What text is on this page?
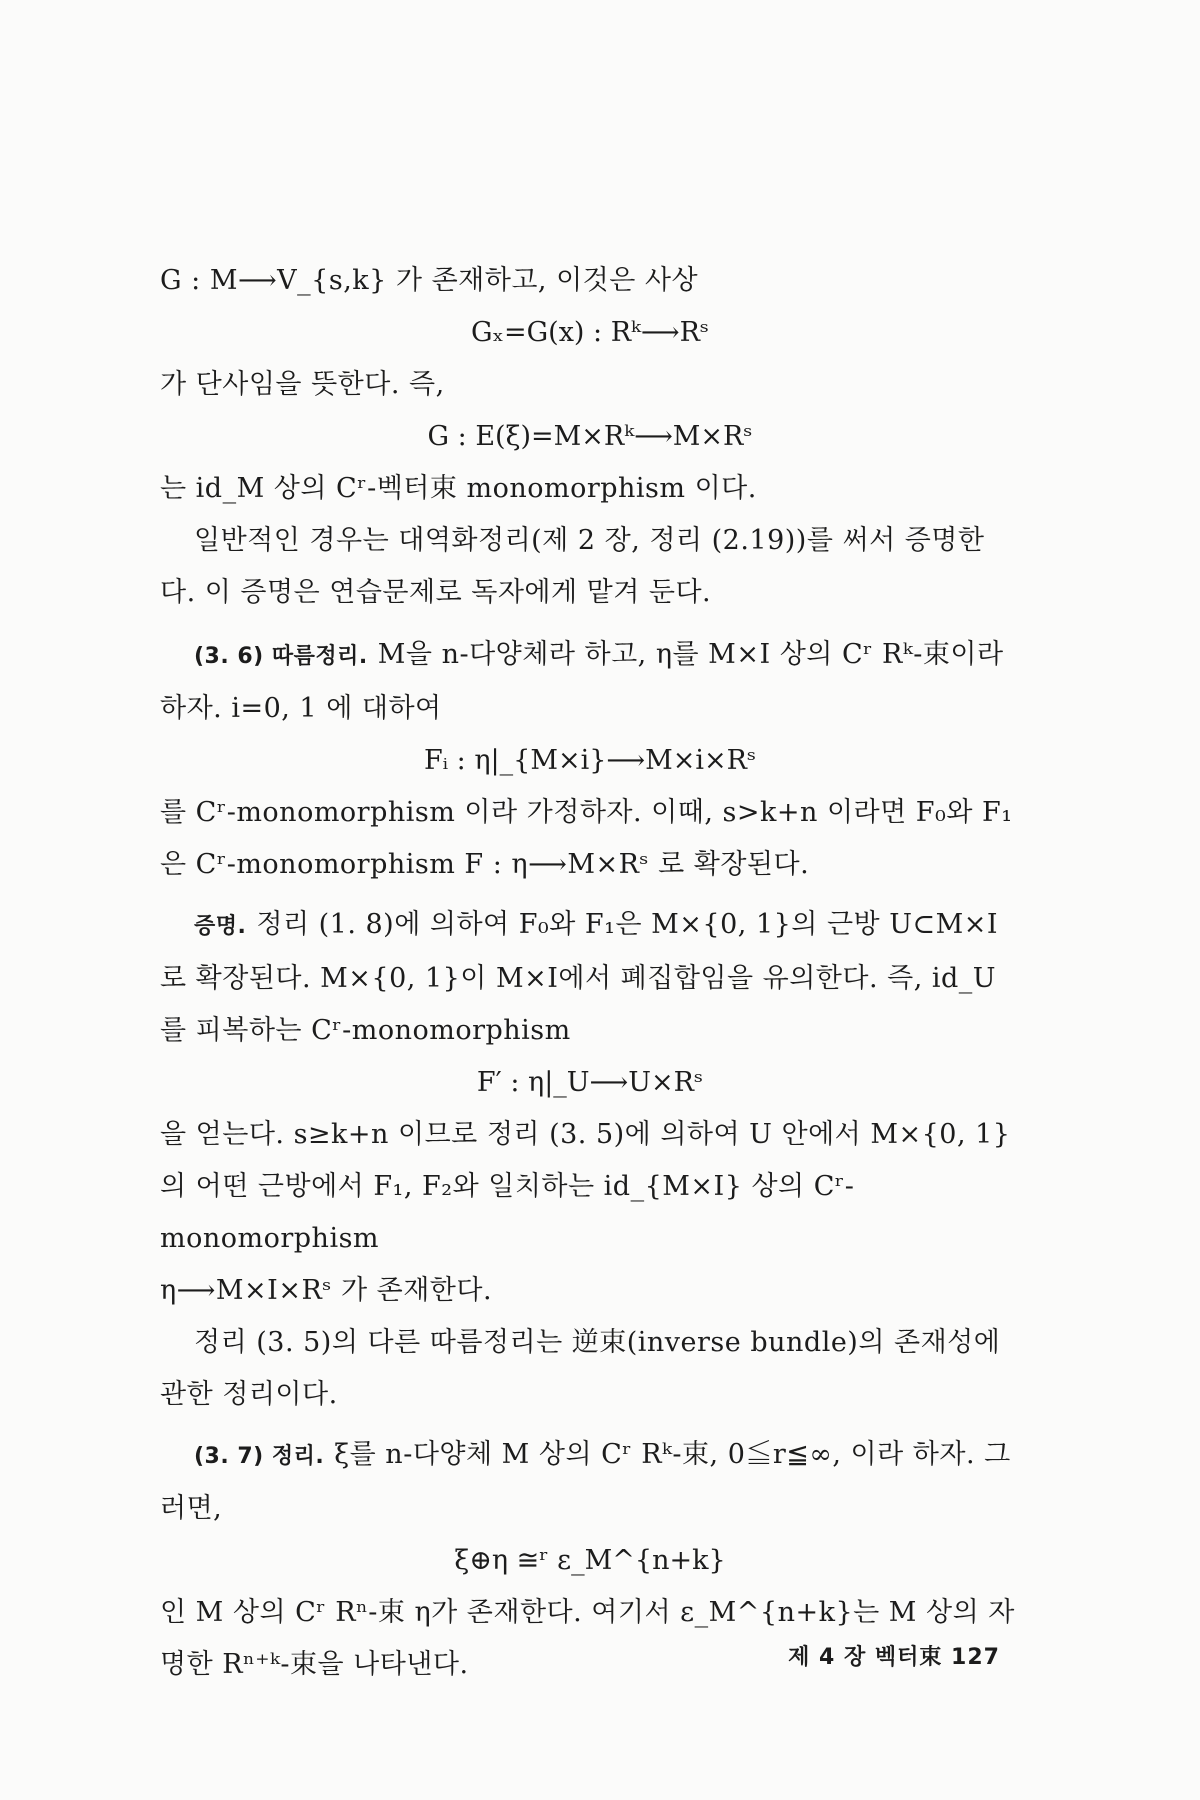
G : M⟶V_{s,k} 가 존재하고, 이것은 사상

Gₓ=G(x) : Rᵏ⟶Rˢ

가 단사임을 뜻한다. 즉,

G : E(ξ)=M×Rᵏ⟶M×Rˢ

는 id_M 상의 Cʳ-벡터束 monomorphism 이다.

일반적인 경우는 대역화정리(제 2 장, 정리 (2.19))를 써서 증명한다. 이 증명은 연습문제로 독자에게 맡겨 둔다.

(3. 6) 따름정리. M을 n-다양체라 하고, η를 M×I 상의 Cʳ Rᵏ-束이라 하자. i=0, 1 에 대하여

Fᵢ : η|_{M×i}⟶M×i×Rˢ

를 Cʳ-monomorphism 이라 가정하자. 이때, s>k+n 이라면 F₀와 F₁은 Cʳ-monomorphism F : η⟶M×Rˢ 로 확장된다.

증명. 정리 (1. 8)에 의하여 F₀와 F₁은 M×{0, 1}의 근방 U⊂M×I 로 확장된다. M×{0, 1}이 M×I에서 폐집합임을 유의한다. 즉, id_U 를 피복하는 Cʳ-monomorphism

F′ : η|_U⟶U×Rˢ

을 얻는다. s≥k+n 이므로 정리 (3. 5)에 의하여 U 안에서 M×{0, 1}의 어떤 근방에서 F₁, F₂와 일치하는 id_{M×I} 상의 Cʳ-monomorphism

η⟶M×I×Rˢ 가 존재한다.

정리 (3. 5)의 다른 따름정리는 逆束(inverse bundle)의 존재성에 관한 정리이다.

(3. 7) 정리. ξ를 n-다양체 M 상의 Cʳ Rᵏ-束, 0≦r≦∞, 이라 하자. 그러면,

ξ⊕η ≅ʳ ε_M^{n+k}

인 M 상의 Cʳ Rⁿ-束 η가 존재한다. 여기서 ε_M^{n+k}는 M 상의 자명한 Rⁿ⁺ᵏ-束을 나타낸다.	제 4 장 벡터束 127
